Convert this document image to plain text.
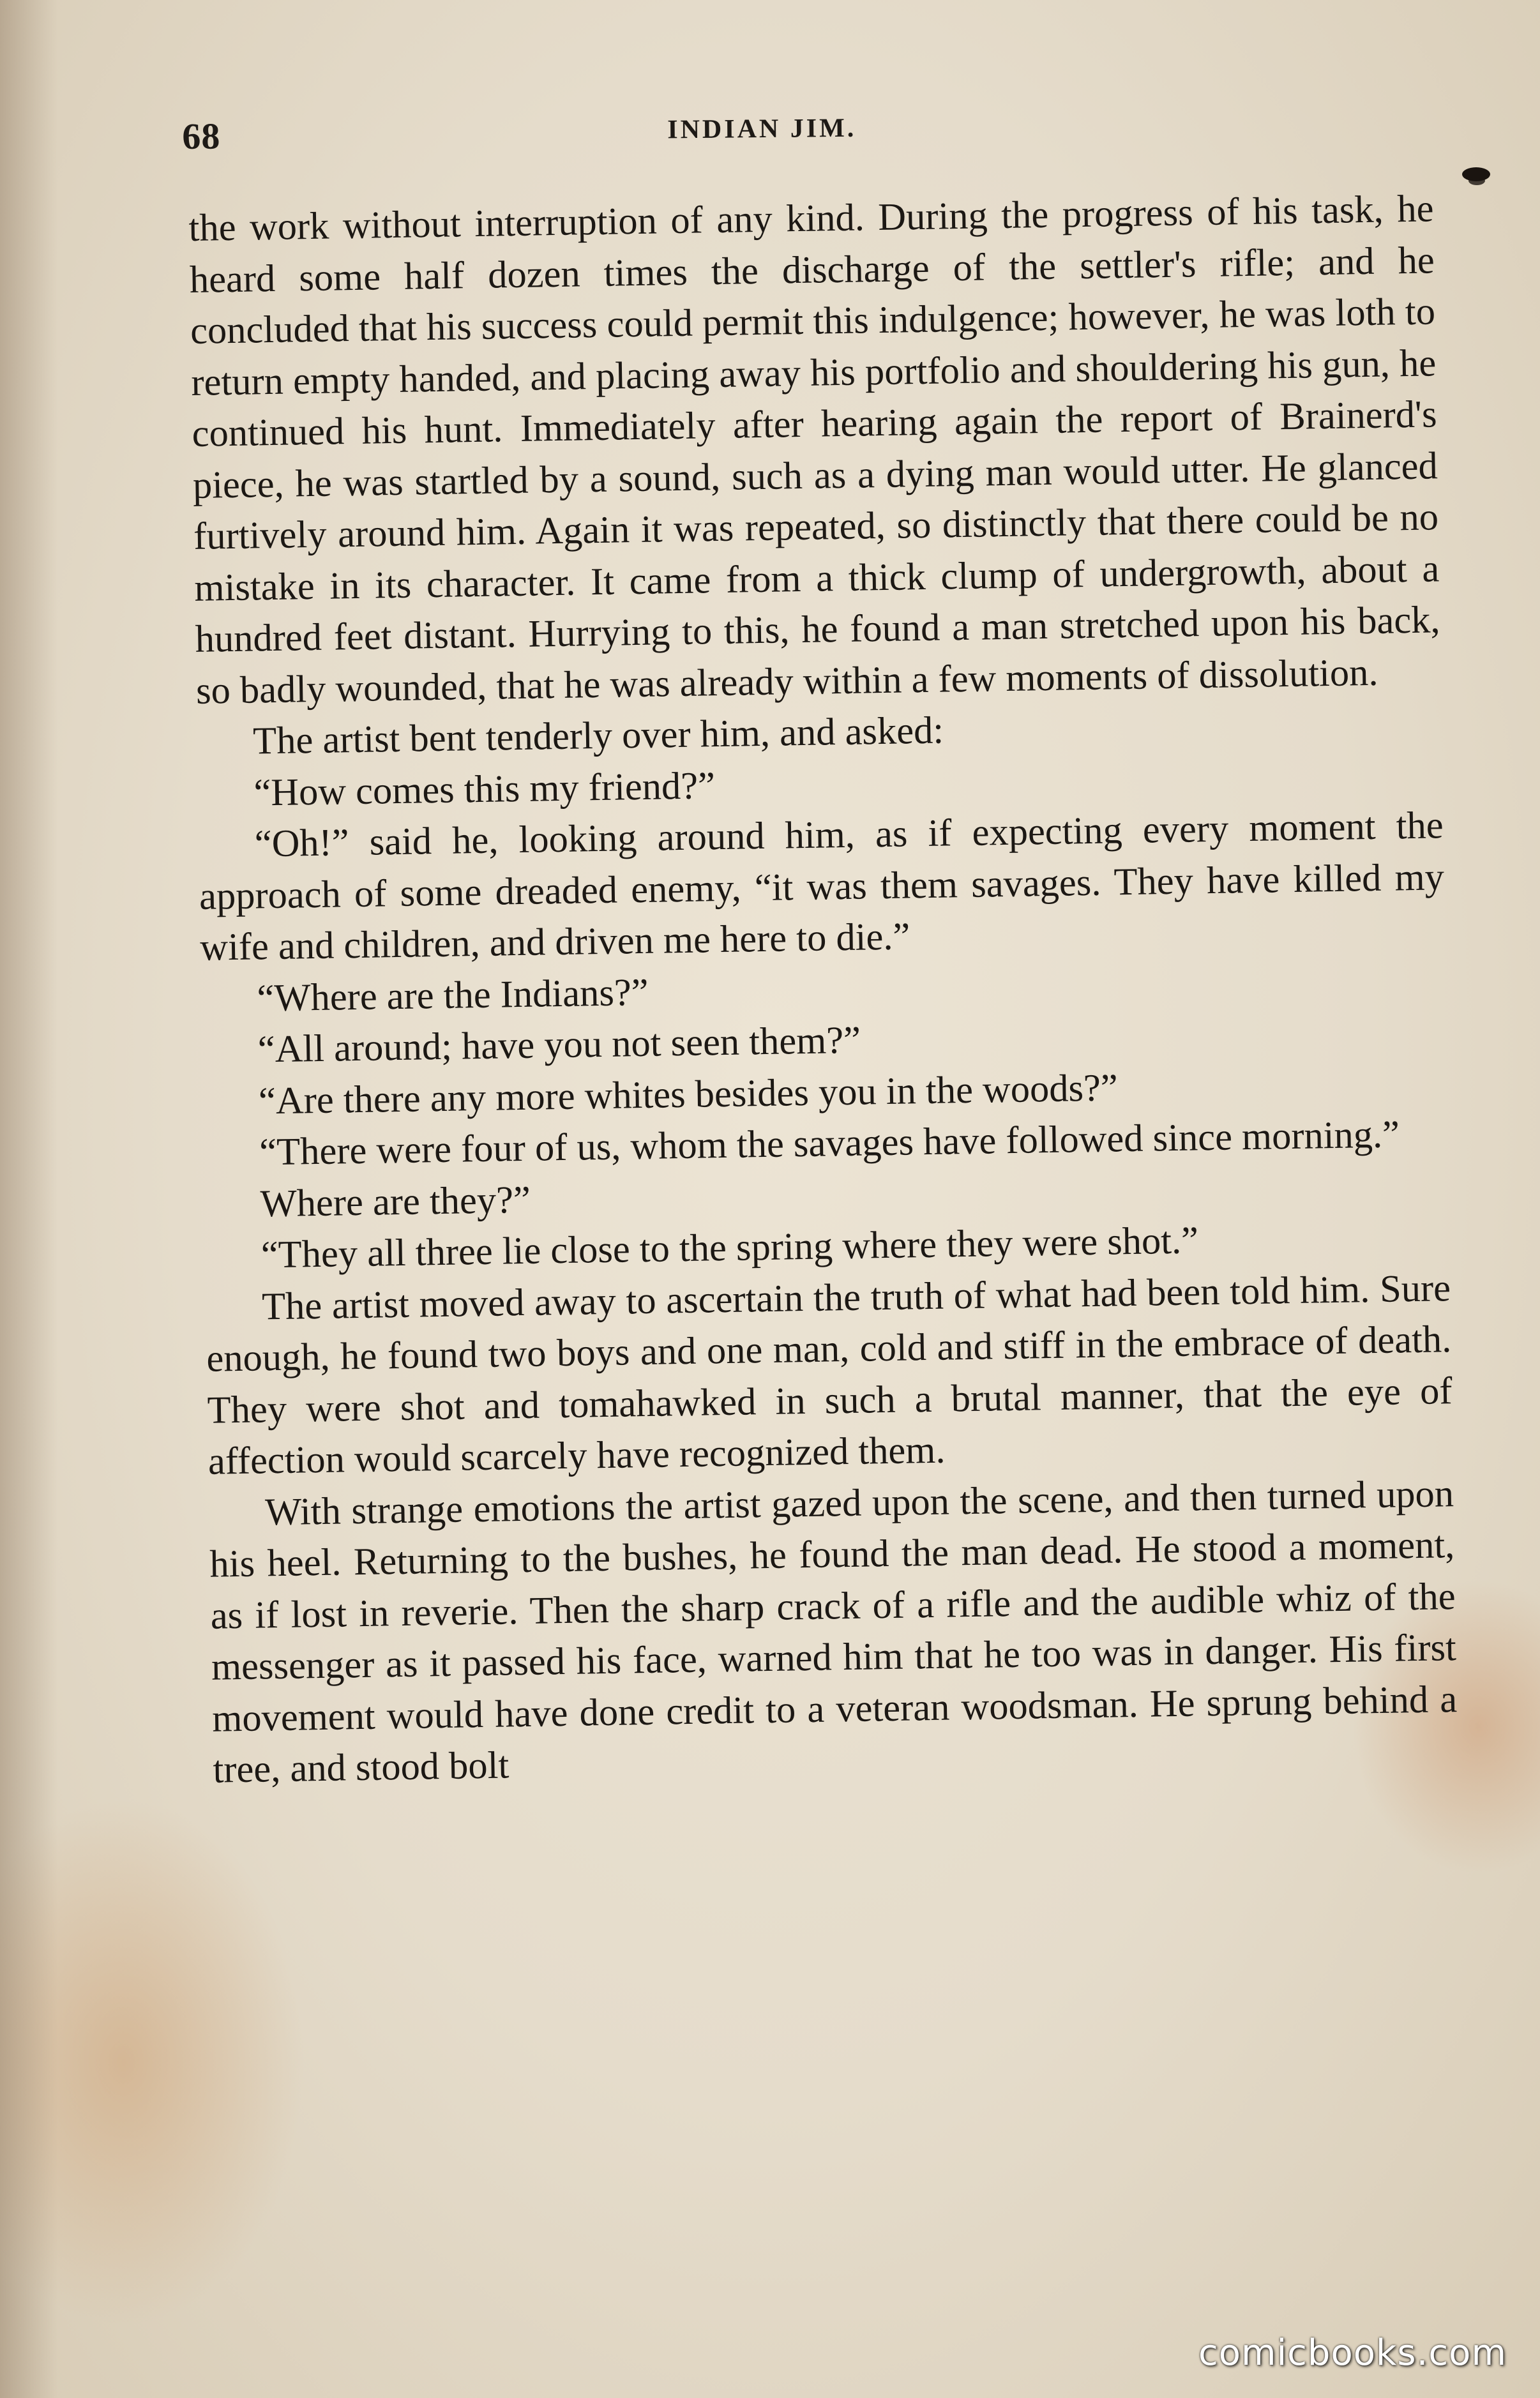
68	INDIAN JIM.

the work without interruption of any kind. During the progress of his task, he heard some half dozen times the discharge of the settler's rifle; and he concluded that his success could permit this indulgence; however, he was loth to return empty handed, and placing away his portfolio and shouldering his gun, he continued his hunt. Immediately after hearing again the report of Brainerd's piece, he was startled by a sound, such as a dying man would utter. He glanced furtively around him. Again it was repeated, so distinctly that there could be no mistake in its character. It came from a thick clump of undergrowth, about a hundred feet distant. Hurrying to this, he found a man stretched upon his back, so badly wounded, that he was already within a few moments of dissolution.

The artist bent tenderly over him, and asked:

“How comes this my friend?”

“Oh!” said he, looking around him, as if expecting every moment the approach of some dreaded enemy, “it was them savages. They have killed my wife and children, and driven me here to die.”

“Where are the Indians?”

“All around; have you not seen them?”

“Are there any more whites besides you in the woods?”

“There were four of us, whom the savages have followed since morning.”

Where are they?”

“They all three lie close to the spring where they were shot.”

The artist moved away to ascertain the truth of what had been told him. Sure enough, he found two boys and one man, cold and stiff in the embrace of death. They were shot and tomahawked in such a brutal manner, that the eye of affection would scarcely have recognized them.

With strange emotions the artist gazed upon the scene, and then turned upon his heel. Returning to the bushes, he found the man dead. He stood a moment, as if lost in reverie. Then the sharp crack of a rifle and the audible whiz of the messenger as it passed his face, warned him that he too was in danger. His first movement would have done credit to a veteran woodsman. He sprung behind a tree, and stood bolt

comicbooks.com
